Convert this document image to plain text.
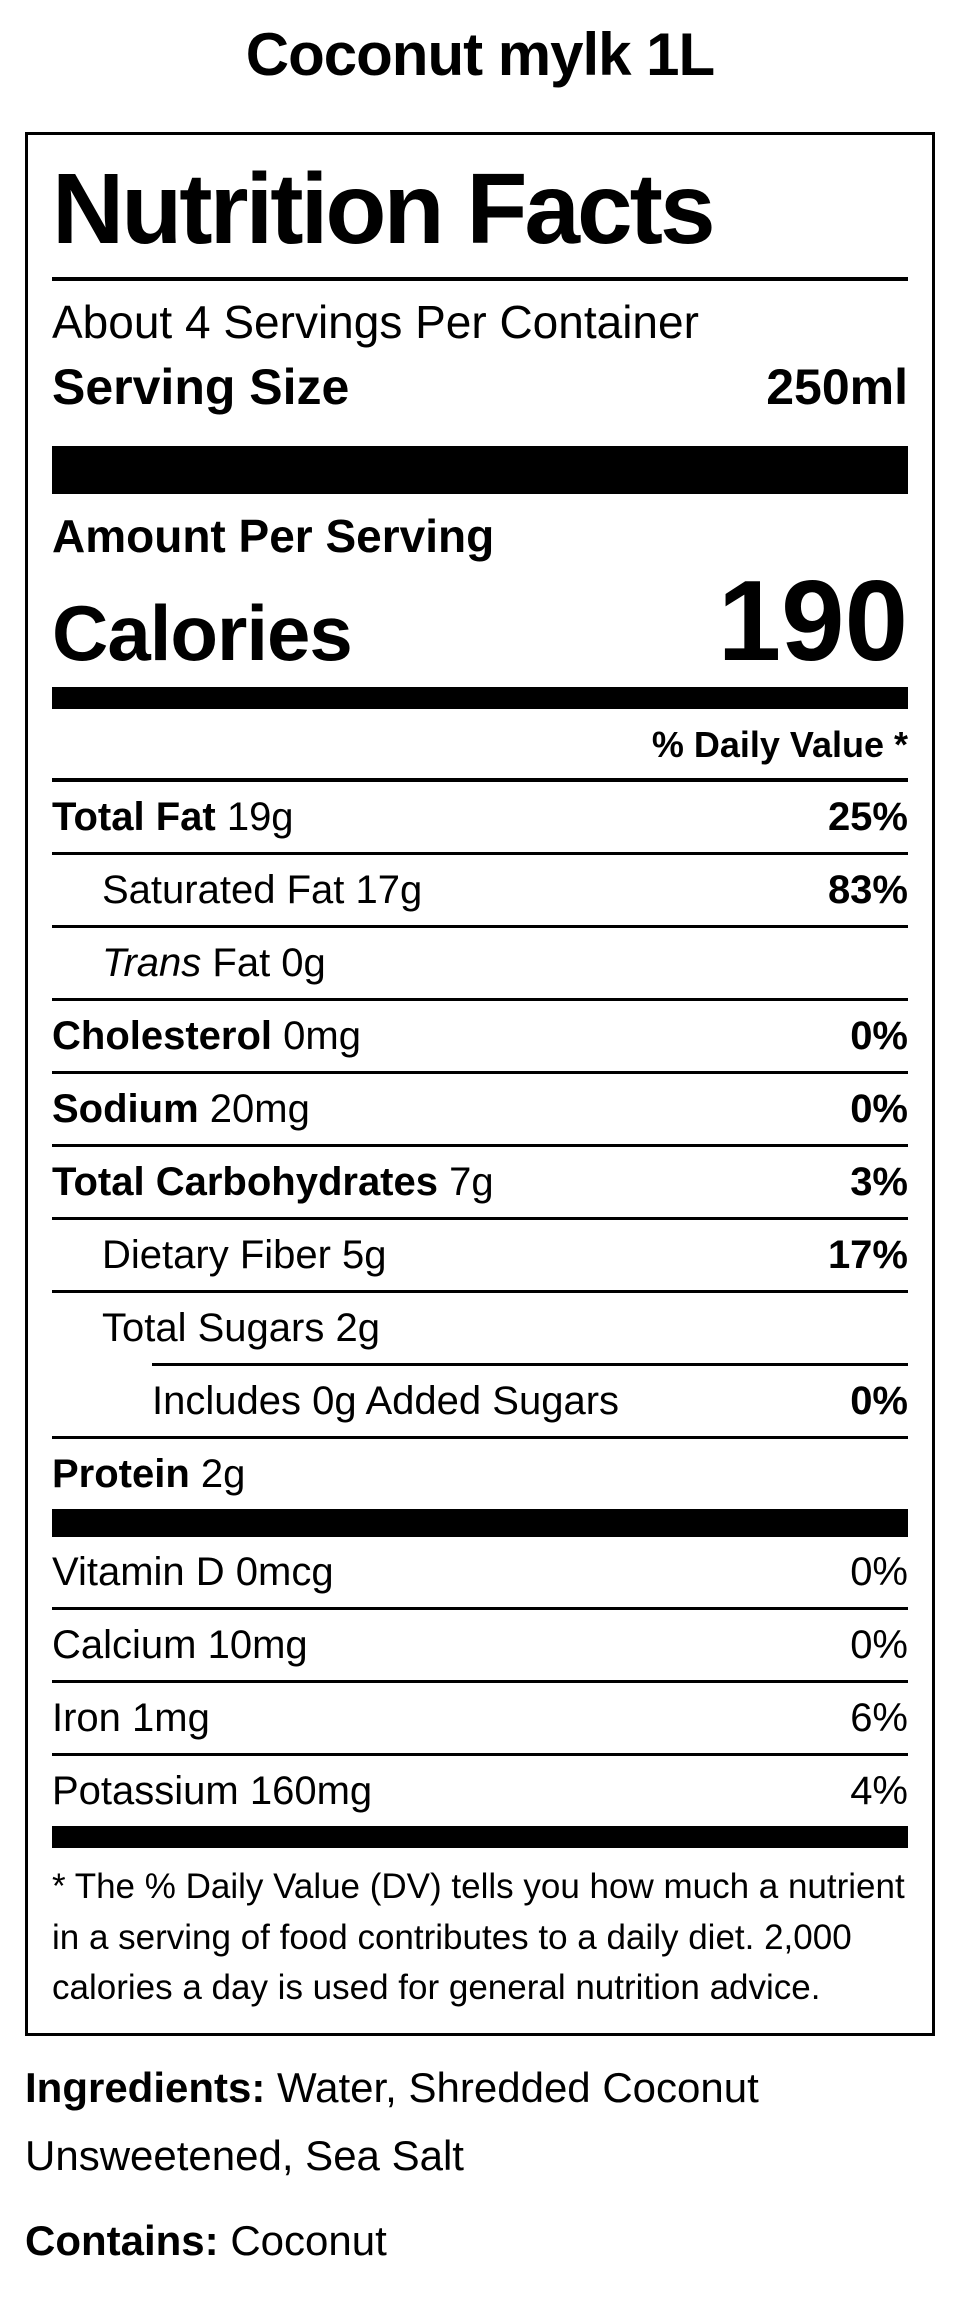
Coconut mylk 1L
Nutrition Facts
About 4 Servings Per Container
Serving Size	250ml
Amount Per Serving
Calories	190
% Daily Value *
Total Fat 19g	25%
Saturated Fat 17g	83%
Trans Fat 0g
Cholesterol 0mg	0%
Sodium 20mg	0%
Total Carbohydrates 7g	3%
Dietary Fiber 5g	17%
Total Sugars 2g
Includes 0g Added Sugars	0%
Protein 2g
Vitamin D 0mcg	0%
Calcium 10mg	0%
Iron 1mg	6%
Potassium 160mg	4%
* The % Daily Value (DV) tells you how much a nutrient in a serving of food contributes to a daily diet. 2,000 calories a day is used for general nutrition advice.

Ingredients: Water, Shredded Coconut Unsweetened, Sea Salt

Contains: Coconut
